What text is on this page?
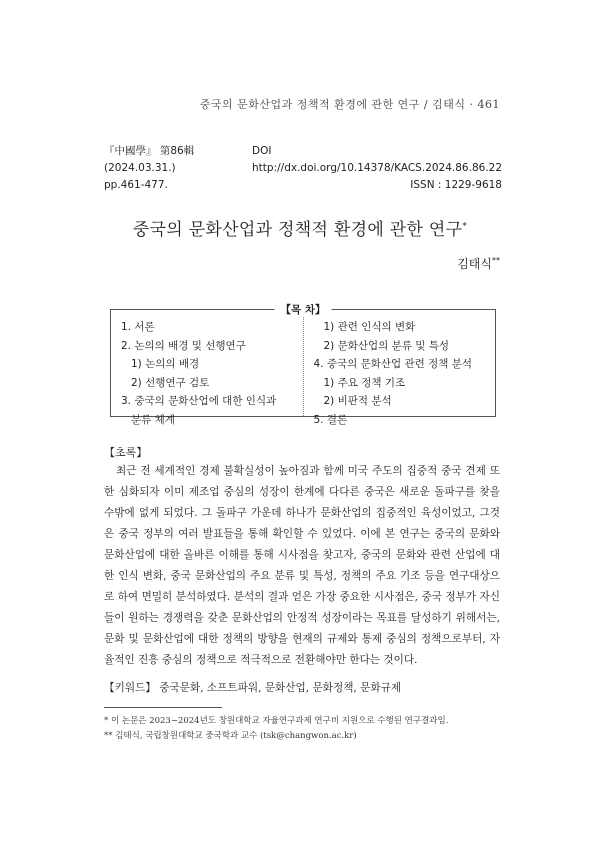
중국의 문화산업과 정책적 환경에 관한 연구 / 김태식 · 461
『中國學』 第86輯 (2024.03.31.)
DOI http://dx.doi.org/10.14378/KACS.2024.86.86.22
pp.461-477.	ISSN : 1229-9618
중국의 문화산업과 정책적 환경에 관한 연구*
김태식**
【목 차】
1. 서론
2. 논의의 배경 및 선행연구
1) 논의의 배경
2) 선행연구 검토
3. 중국의 문화산업에 대한 인식과
분류 체계
1) 관련 인식의 변화
2) 문화산업의 분류 및 특성
4. 중국의 문화산업 관련 정책 분석
1) 주요 정책 기조
2) 비판적 분석
5. 결론
【초록】

최근 전 세계적인 경제 불확실성이 높아짐과 함께 미국 주도의 집중적 중국 견제 또한 심화되자 이미 제조업 중심의 성장이 한계에 다다른 중국은 새로운 돌파구를 찾을 수밖에 없게 되었다. 그 돌파구 가운데 하나가 문화산업의 집중적인 육성이었고, 그것은 중국 정부의 여러 발표들을 통해 확인할 수 있었다. 이에 본 연구는 중국의 문화와 문화산업에 대한 올바른 이해를 통해 시사점을 찾고자, 중국의 문화와 관련 산업에 대한 인식 변화, 중국 문화산업의 주요 분류 및 특성, 정책의 주요 기조 등을 연구대상으로 하여 면밀히 분석하였다. 분석의 결과 얻은 가장 중요한 시사점은, 중국 정부가 자신들이 원하는 경쟁력을 갖춘 문화산업의 안정적 성장이라는 목표를 달성하기 위해서는, 문화 및 문화산업에 대한 정책의 방향을 현재의 규제와 통제 중심의 정책으로부터, 자율적인 진흥 중심의 정책으로 적극적으로 전환해야만 한다는 것이다.

【키워드】 중국문화, 소프트파워, 문화산업, 문화정책, 문화규제
* 이 논문은 2023~2024년도 창원대학교 자율연구과제 연구비 지원으로 수행된 연구결과임.
** 김태식, 국립창원대학교 중국학과 교수 (tsk@changwon.ac.kr)
